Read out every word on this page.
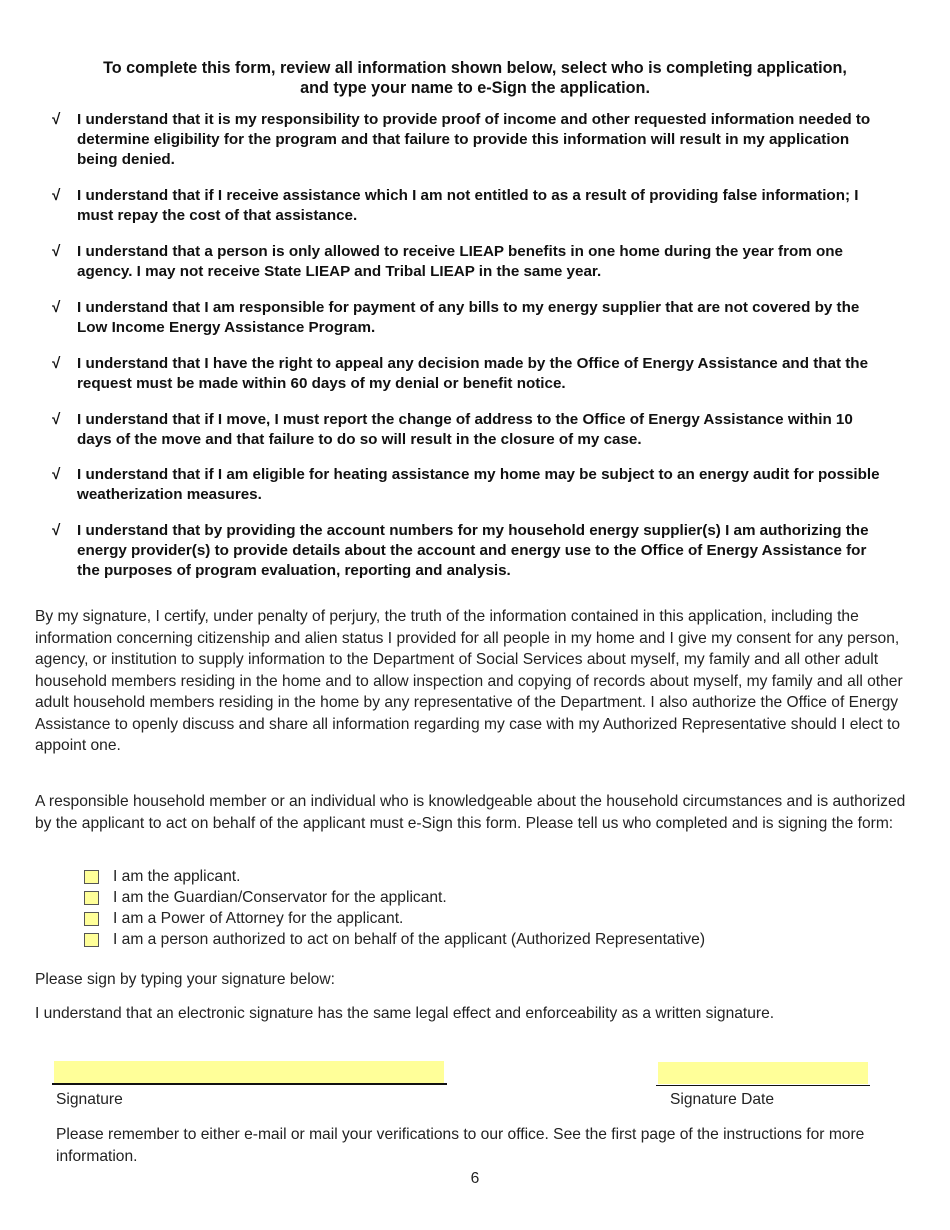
To complete this form, review all information shown below, select who is completing application,
and type your name to e-Sign the application.
√	I understand that it is my responsibility to provide proof of income and other requested information needed to determine eligibility for the program and that failure to provide this information will result in my application being denied.
√	I understand that if I receive assistance which I am not entitled to as a result of providing false information; I must repay the cost of that assistance.
√	I understand that a person is only allowed to receive LIEAP benefits in one home during the year from one agency. I may not receive State LIEAP and Tribal LIEAP in the same year.
√	I understand that I am responsible for payment of any bills to my energy supplier that are not covered by the Low Income Energy Assistance Program.
√	I understand that I have the right to appeal any decision made by the Office of Energy Assistance and that the request must be made within 60 days of my denial or benefit notice.
√	I understand that if I move, I must report the change of address to the Office of Energy Assistance within 10 days of the move and that failure to do so will result in the closure of my case.
√	I understand that if I am eligible for heating assistance my home may be subject to an energy audit for possible weatherization measures.
√	I understand that by providing the account numbers for my household energy supplier(s) I am authorizing the energy provider(s) to provide details about the account and energy use to the Office of Energy Assistance for the purposes of program evaluation, reporting and analysis.
By my signature, I certify, under penalty of perjury, the truth of the information contained in this application, including the information concerning citizenship and alien status I provided for all people in my home and I give my consent for any person, agency, or institution to supply information to the Department of Social Services about myself, my family and all other adult household members residing in the home and to allow inspection and copying of records about myself, my family and all other adult household members residing in the home by any representative of the Department. I also authorize the Office of Energy Assistance to openly discuss and share all information regarding my case with my Authorized Representative should I elect to appoint one.
A responsible household member or an individual who is knowledgeable about the household circumstances and is authorized by the applicant to act on behalf of the applicant must e-Sign this form. Please tell us who completed and is signing the form:
I am the applicant.
I am the Guardian/Conservator for the applicant.
I am a Power of Attorney for the applicant.
I am a person authorized to act on behalf of the applicant (Authorized Representative)
Please sign by typing your signature below:
I understand that an electronic signature has the same legal effect and enforceability as a written signature.
Signature	Signature Date
Please remember to either e-mail or mail your verifications to our office. See the first page of the instructions for more information.
6
